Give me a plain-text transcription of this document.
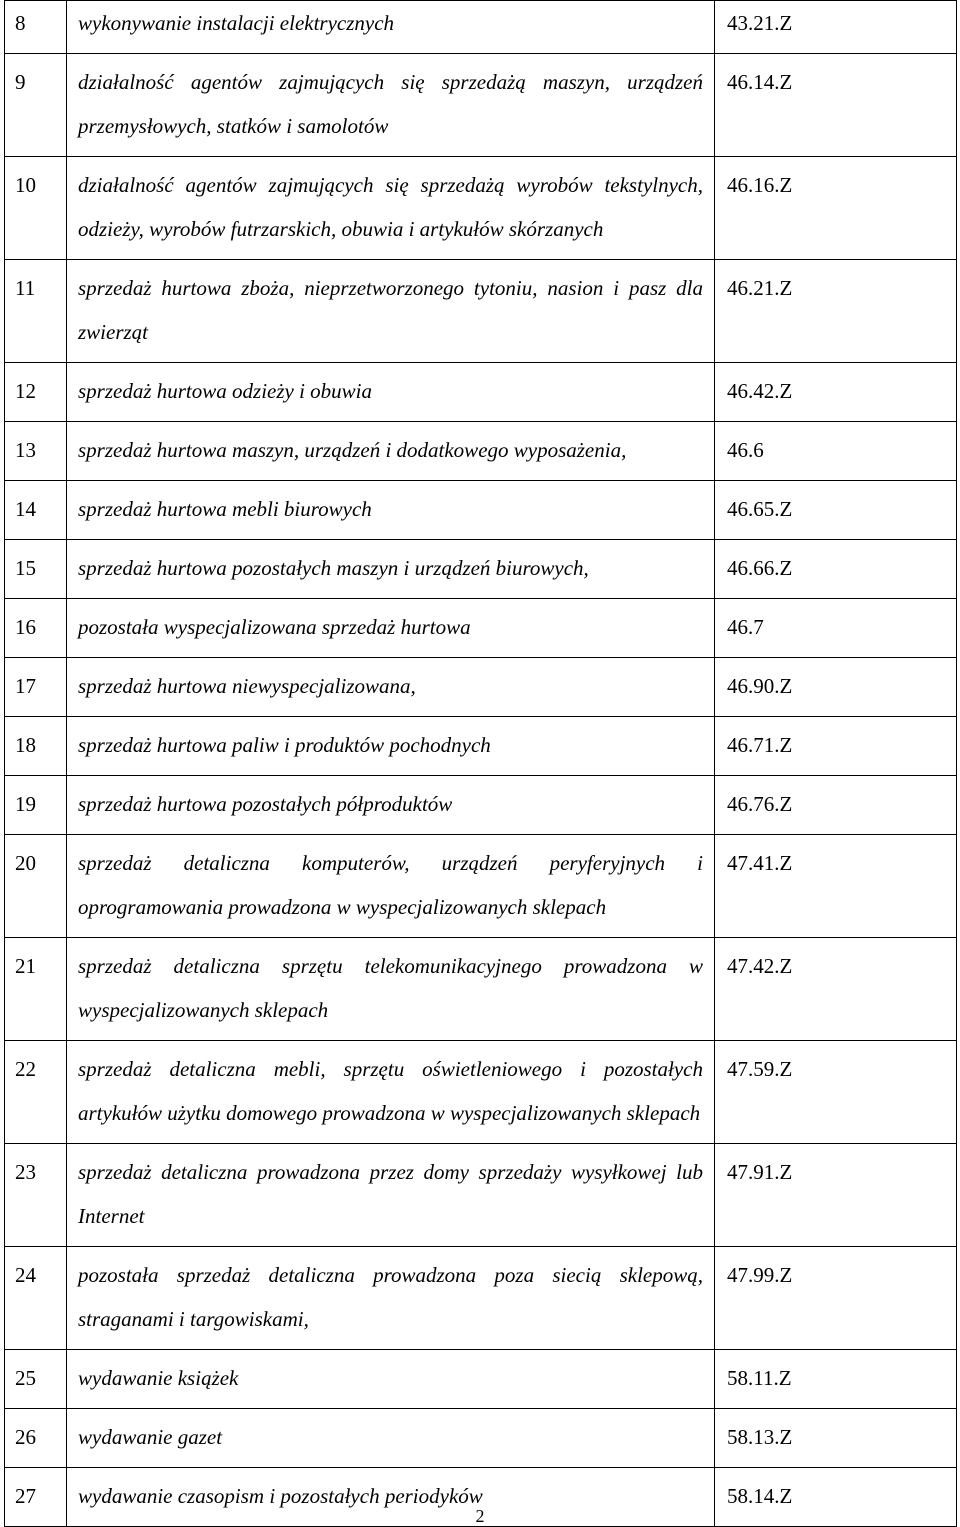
8	wykonywanie instalacji elektrycznych	43.21.Z
9	działalność agentów zajmujących się sprzedażą maszyn, urządzeń przemysłowych, statków i samolotów	46.14.Z
10	działalność agentów zajmujących się sprzedażą wyrobów tekstylnych, odzieży, wyrobów futrzarskich, obuwia i artykułów skórzanych	46.16.Z
11	sprzedaż hurtowa zboża, nieprzetworzonego tytoniu, nasion i pasz dla zwierząt	46.21.Z
12	sprzedaż hurtowa odzieży i obuwia	46.42.Z
13	sprzedaż hurtowa maszyn, urządzeń i dodatkowego wyposażenia,	46.6
14	sprzedaż hurtowa mebli biurowych	46.65.Z
15	sprzedaż hurtowa pozostałych maszyn i urządzeń biurowych,	46.66.Z
16	pozostała wyspecjalizowana sprzedaż hurtowa	46.7
17	sprzedaż hurtowa niewyspecjalizowana,	46.90.Z
18	sprzedaż hurtowa paliw i produktów pochodnych	46.71.Z
19	sprzedaż hurtowa pozostałych półproduktów	46.76.Z
20	sprzedaż detaliczna komputerów, urządzeń peryferyjnych i oprogramowania prowadzona w wyspecjalizowanych sklepach	47.41.Z
21	sprzedaż detaliczna sprzętu telekomunikacyjnego prowadzona w wyspecjalizowanych sklepach	47.42.Z
22	sprzedaż detaliczna mebli, sprzętu oświetleniowego i pozostałych artykułów użytku domowego prowadzona w wyspecjalizowanych sklepach	47.59.Z
23	sprzedaż detaliczna prowadzona przez domy sprzedaży wysyłkowej lub Internet	47.91.Z
24	pozostała sprzedaż detaliczna prowadzona poza siecią sklepową, straganami i targowiskami,	47.99.Z
25	wydawanie książek	58.11.Z
26	wydawanie gazet	58.13.Z
27	wydawanie czasopism i pozostałych periodyków	58.14.Z
2
